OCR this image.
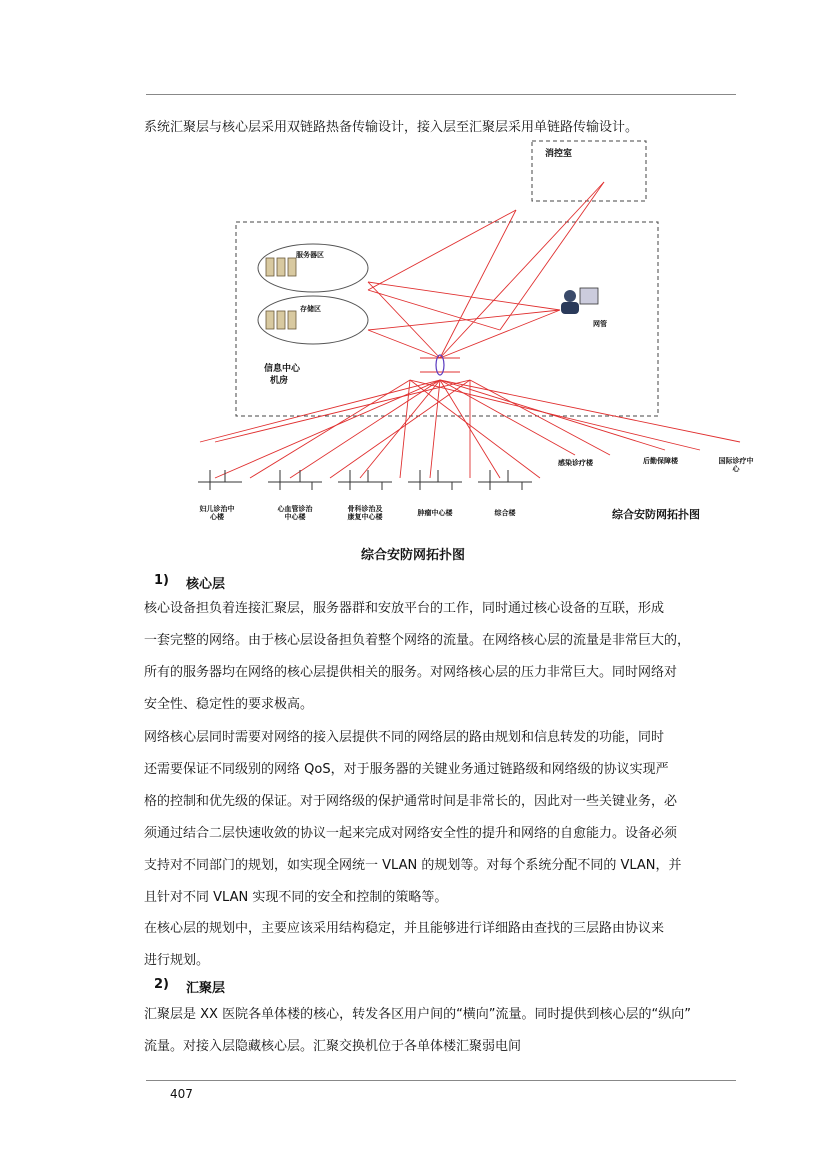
系统汇聚层与核心层采用双链路热备传输设计，接入层至汇聚层采用单链路传输设计。
消控室
服务器区
存储区
信息中心
机房
网管
感染诊疗楼	后勤保障楼	国际诊疗中心
妇儿诊治中
心楼
心血管诊治
中心楼
骨科诊治及
康复中心楼	肿瘤中心楼	综合楼	综合安防网拓扑图
综合安防网拓扑图
1) 核心层
核心设备担负着连接汇聚层，服务器群和安放平台的工作，同时通过核心设备的互联，形成
一套完整的网络。由于核心层设备担负着整个网络的流量。在网络核心层的流量是非常巨大的，
所有的服务器均在网络的核心层提供相关的服务。对网络核心层的压力非常巨大。同时网络对
安全性、稳定性的要求极高。
网络核心层同时需要对网络的接入层提供不同的网络层的路由规划和信息转发的功能，同时
还需要保证不同级别的网络 QoS，对于服务器的关键业务通过链路级和网络级的协议实现严
格的控制和优先级的保证。对于网络级的保护通常时间是非常长的，因此对一些关键业务，必
须通过结合二层快速收敛的协议一起来完成对网络安全性的提升和网络的自愈能力。设备必须
支持对不同部门的规划，如实现全网统一 VLAN 的规划等。对每个系统分配不同的 VLAN，并
且针对不同 VLAN 实现不同的安全和控制的策略等。
在核心层的规划中，主要应该采用结构稳定，并且能够进行详细路由查找的三层路由协议来
进行规划。
2) 汇聚层
汇聚层是 XX 医院各单体楼的核心，转发各区用户间的“横向”流量。同时提供到核心层的“纵向”
流量。对接入层隐藏核心层。汇聚交换机位于各单体楼汇聚弱电间
407
